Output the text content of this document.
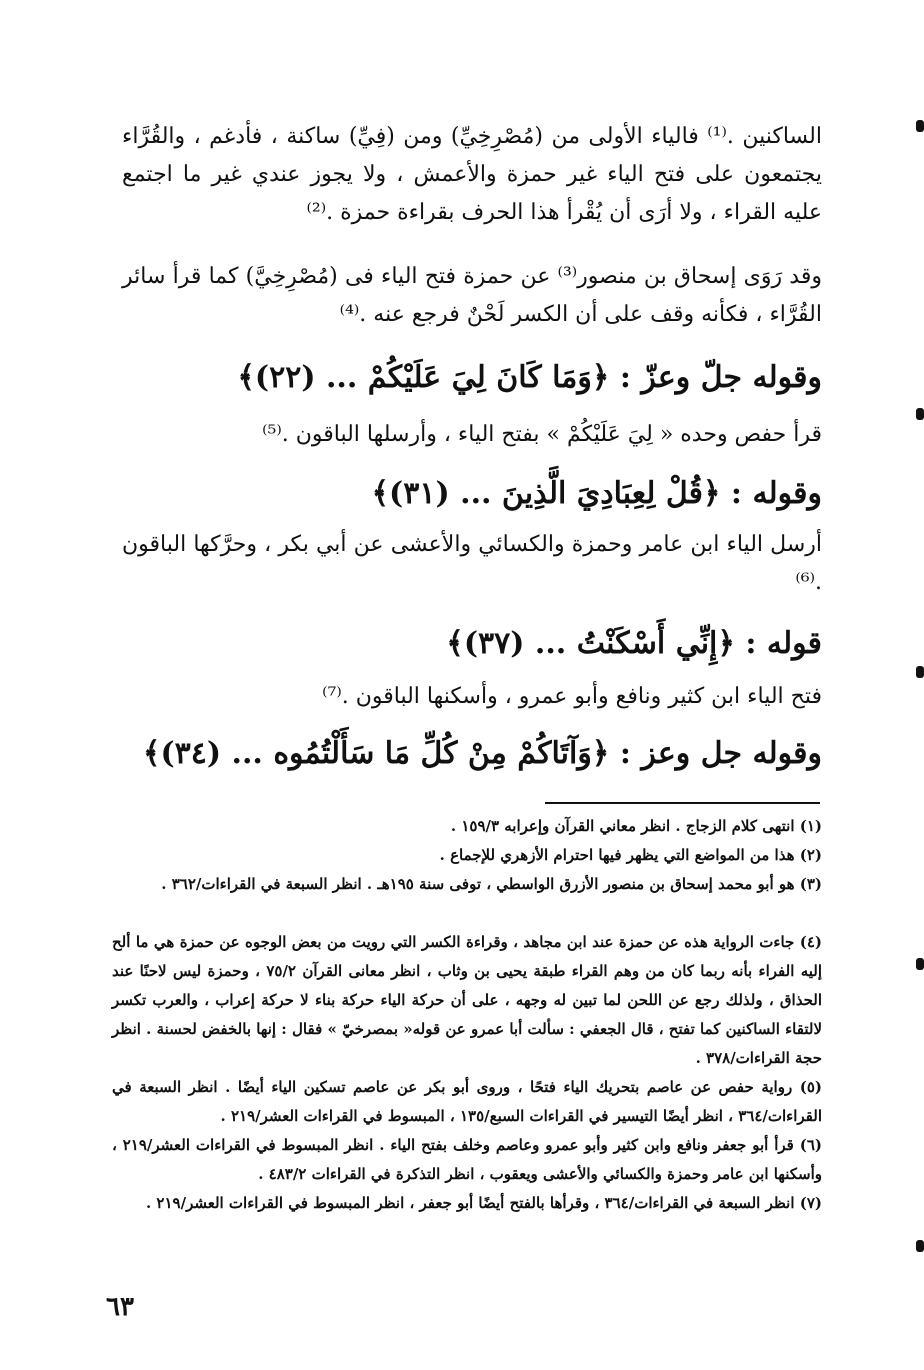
الساكنين .⁽¹⁾ فالياء الأولى من (مُصْرِخِيِّ) ومن (فِيِّ) ساكنة ، فأدغم ، والقُرَّاء يجتمعون على فتح الياء غير حمزة والأعمش ، ولا يجوز عندي غير ما اجتمع عليه القراء ، ولا أرَى أن يُقْرأ هذا الحرف بقراءة حمزة .⁽²⁾

وقد رَوَى إسحاق بن منصور⁽³⁾ عن حمزة فتح الياء فى (مُصْرِخِيَّ) كما قرأ سائر القُرَّاء ، فكأنه وقف على أن الكسر لَحْنٌ فرجع عنه .⁽⁴⁾

وقوله جلّ وعزّ : ﴿وَمَا كَانَ لِيَ عَلَيْكُمْ ... (٢٢)﴾

قرأ حفص وحده « لِيَ عَلَيْكُمْ » بفتح الياء ، وأرسلها الباقون .⁽⁵⁾

وقوله : ﴿قُلْ لِعِبَادِيَ الَّذِينَ ... (٣١)﴾

أرسل الياء ابن عامر وحمزة والكسائي والأعشى عن أبي بكر ، وحرَّكها الباقون .⁽⁶⁾

قوله : ﴿إِنِّي أَسْكَنْتُ ... (٣٧)﴾

فتح الياء ابن كثير ونافع وأبو عمرو ، وأسكنها الباقون .⁽⁷⁾

وقوله جل وعز : ﴿وَآتَاكُمْ مِنْ كُلِّ مَا سَأَلْتُمُوه ... (٣٤)﴾
(١) انتهى كلام الزجاج . انظر معاني القرآن وإعرابه ١٥٩/٣ .
(٢) هذا من المواضع التي يظهر فيها احترام الأزهري للإجماع .
(٣) هو أبو محمد إسحاق بن منصور الأزرق الواسطي ، توفى سنة ١٩٥هـ . انظر السبعة في القراءات/٣٦٢ .
(٤) جاءت الرواية هذه عن حمزة عند ابن مجاهد ، وقراءة الكسر التي رويت من بعض الوجوه عن حمزة هي ما ألح إليه الفراء بأنه ربما كان من وهم القراء طبقة يحيى بن وثاب ، انظر معانى القرآن ٧٥/٢ ، وحمزة ليس لاحنًا عند الحذاق ، ولذلك رجع عن اللحن لما تبين له وجهه ، على أن حركة الياء حركة بناء لا حركة إعراب ، والعرب تكسر لالتقاء الساكنين كما تفتح ، قال الجعفي : سألت أبا عمرو عن قوله« بمصرخيّ » فقال : إنها بالخفض لحسنة . انظر حجة القراءات/٣٧٨ .
(٥) رواية حفص عن عاصم بتحريك الياء فتحًا ، وروى أبو بكر عن عاصم تسكين الياء أيضًا . انظر السبعة في القراءات/٣٦٤ ، انظر أيضًا التيسير في القراءات السبع/١٣٥ ، المبسوط في القراءات العشر/٢١٩ .
(٦) قرأ أبو جعفر ونافع وابن كثير وأبو عمرو وعاصم وخلف بفتح الياء . انظر المبسوط في القراءات العشر/٢١٩ ، وأسكنها ابن عامر وحمزة والكسائي والأعشى ويعقوب ، انظر التذكرة في القراءات ٤٨٣/٢ .
(٧) انظر السبعة في القراءات/٣٦٤ ، وقرأها بالفتح أيضًا أبو جعفر ، انظر المبسوط في القراءات العشر/٢١٩ .
٦٣
